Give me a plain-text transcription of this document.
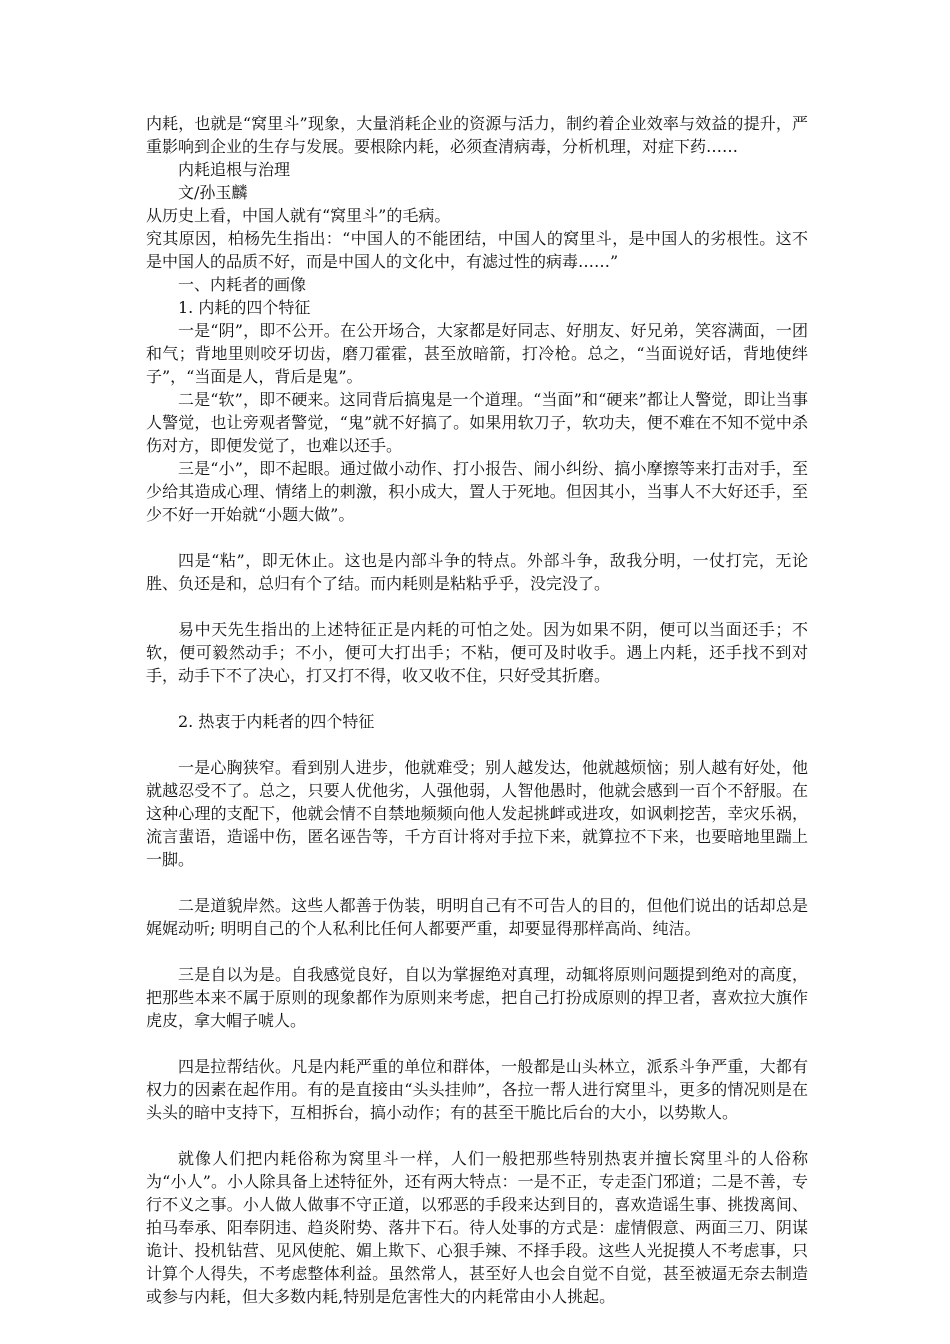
内耗，也就是“窝里斗”现象，大量消耗企业的资源与活力，制约着企业效率与效益的提升，严重影响到企业的生存与发展。要根除内耗，必须查清病毒，分析机理，对症下药……

内耗追根与治理

文/孙玉麟

从历史上看，中国人就有“窝里斗”的毛病。

究其原因，柏杨先生指出：“中国人的不能团结，中国人的窝里斗，是中国人的劣根性。这不是中国人的品质不好，而是中国人的文化中，有滤过性的病毒……”

一、内耗者的画像

1. 内耗的四个特征

一是“阴”，即不公开。在公开场合，大家都是好同志、好朋友、好兄弟，笑容满面，一团和气；背地里则咬牙切齿，磨刀霍霍，甚至放暗箭，打冷枪。总之，“当面说好话，背地使绊子”，“当面是人，背后是鬼”。

二是“软”，即不硬来。这同背后搞鬼是一个道理。“当面”和“硬来”都让人警觉，即让当事人警觉，也让旁观者警觉，“鬼”就不好搞了。如果用软刀子，软功夫，便不难在不知不觉中杀伤对方，即便发觉了，也难以还手。

三是“小”，即不起眼。通过做小动作、打小报告、闹小纠纷、搞小摩擦等来打击对手，至少给其造成心理、情绪上的刺激，积小成大，置人于死地。但因其小，当事人不大好还手，至少不好一开始就“小题大做”。

四是“粘”，即无休止。这也是内部斗争的特点。外部斗争，敌我分明，一仗打完，无论胜、负还是和，总归有个了结。而内耗则是粘粘乎乎，没完没了。

易中天先生指出的上述特征正是内耗的可怕之处。因为如果不阴，便可以当面还手；不软，便可毅然动手；不小，便可大打出手；不粘，便可及时收手。遇上内耗，还手找不到对手，动手下不了决心，打又打不得，收又收不住，只好受其折磨。

2. 热衷于内耗者的四个特征

一是心胸狭窄。看到别人进步，他就难受；别人越发达，他就越烦恼；别人越有好处，他就越忍受不了。总之，只要人优他劣，人强他弱，人智他愚时，他就会感到一百个不舒服。在这种心理的支配下，他就会情不自禁地频频向他人发起挑衅或进攻，如讽刺挖苦，幸灾乐祸，流言蜚语，造谣中伤，匿名诬告等，千方百计将对手拉下来，就算拉不下来，也要暗地里踹上一脚。

二是道貌岸然。这些人都善于伪装，明明自己有不可告人的目的，但他们说出的话却总是娓娓动听; 明明自己的个人私利比任何人都要严重，却要显得那样高尚、纯洁。

三是自以为是。自我感觉良好，自以为掌握绝对真理，动辄将原则问题提到绝对的高度，把那些本来不属于原则的现象都作为原则来考虑，把自己打扮成原则的捍卫者，喜欢拉大旗作虎皮，拿大帽子唬人。

四是拉帮结伙。凡是内耗严重的单位和群体，一般都是山头林立，派系斗争严重，大都有权力的因素在起作用。有的是直接由“头头挂帅”，各拉一帮人进行窝里斗，更多的情况则是在头头的暗中支持下，互相拆台，搞小动作；有的甚至干脆比后台的大小，以势欺人。

就像人们把内耗俗称为窝里斗一样，人们一般把那些特别热衷并擅长窝里斗的人俗称为“小人”。小人除具备上述特征外，还有两大特点：一是不正，专走歪门邪道；二是不善，专行不义之事。小人做人做事不守正道，以邪恶的手段来达到目的，喜欢造谣生事、挑拨离间、拍马奉承、阳奉阴违、趋炎附势、落井下石。待人处事的方式是：虚情假意、两面三刀、阴谋诡计、投机钻营、见风使舵、媚上欺下、心狠手辣、不择手段。这些人光捉摸人不考虑事，只计算个人得失，不考虑整体利益。虽然常人，甚至好人也会自觉不自觉，甚至被逼无奈去制造或参与内耗，但大多数内耗,特别是危害性大的内耗常由小人挑起。
